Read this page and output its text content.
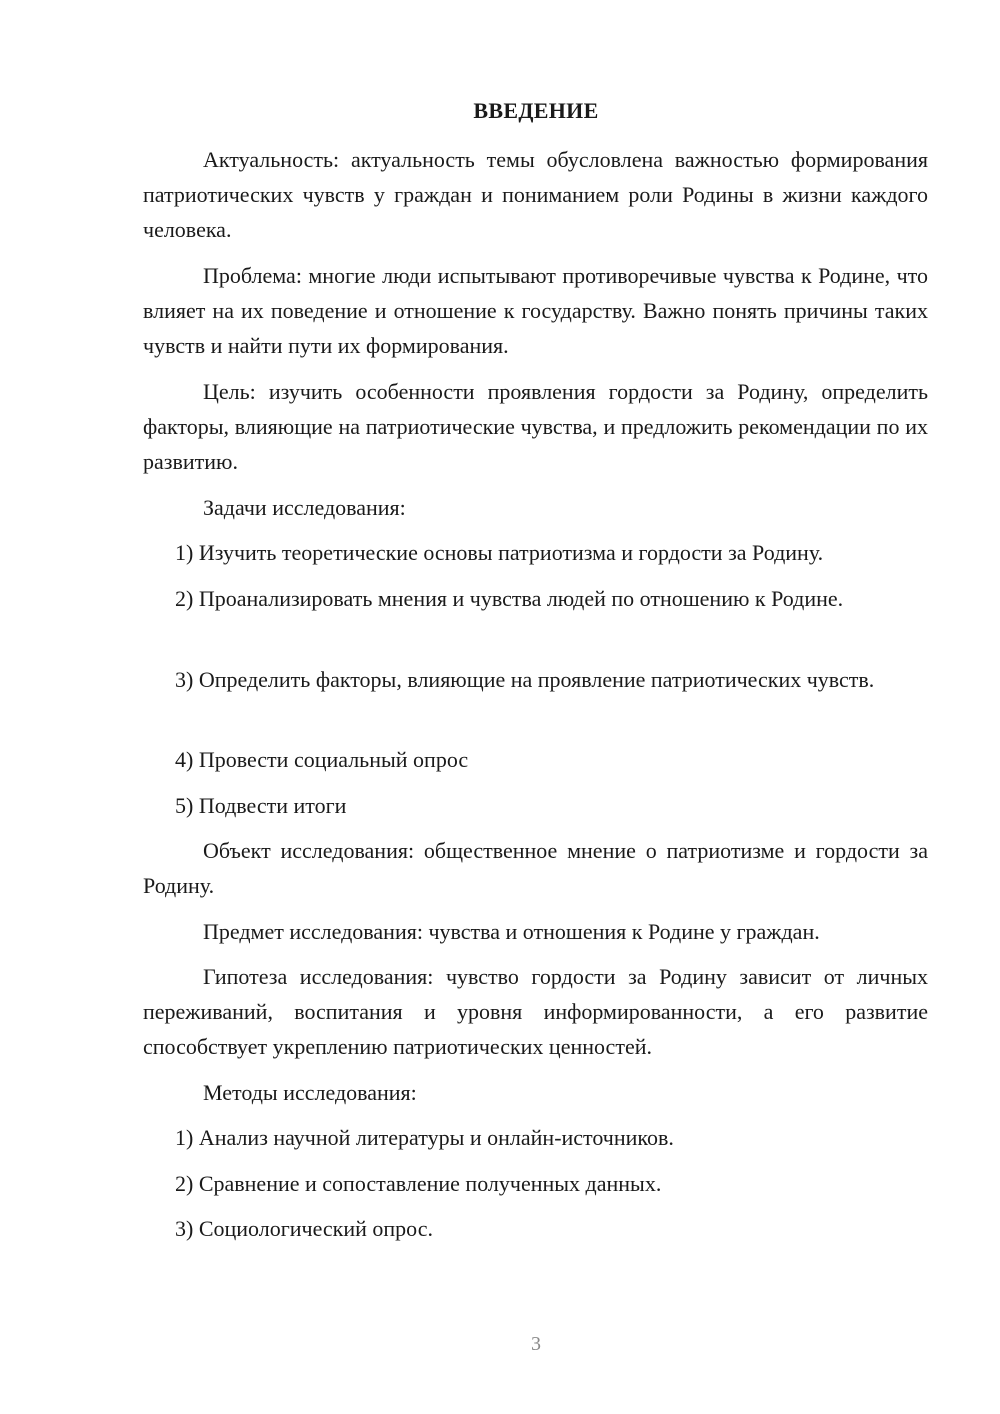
ВВЕДЕНИЕ

Актуальность: актуальность темы обусловлена важностью формирования патриотических чувств у граждан и пониманием роли Родины в жизни каждого человека.

Проблема: многие люди испытывают противоречивые чувства к Родине, что влияет на их поведение и отношение к государству. Важно понять причины таких чувств и найти пути их формирования.

Цель: изучить особенности проявления гордости за Родину, определить факторы, влияющие на патриотические чувства, и предложить рекомендации по их развитию.

Задачи исследования:

1) Изучить теоретические основы патриотизма и гордости за Родину.

2) Проанализировать мнения и чувства людей по отношению к Родине.

3) Определить факторы, влияющие на проявление патриотических чувств.

4) Провести социальный опрос

5) Подвести итоги

Объект исследования: общественное мнение о патриотизме и гордости за Родину.

Предмет исследования: чувства и отношения к Родине у граждан.

Гипотеза исследования: чувство гордости за Родину зависит от личных переживаний, воспитания и уровня информированности, а его развитие способствует укреплению патриотических ценностей.

Методы исследования:

1) Анализ научной литературы и онлайн-источников.

2) Сравнение и сопоставление полученных данных.

3) Социологический опрос.

3
